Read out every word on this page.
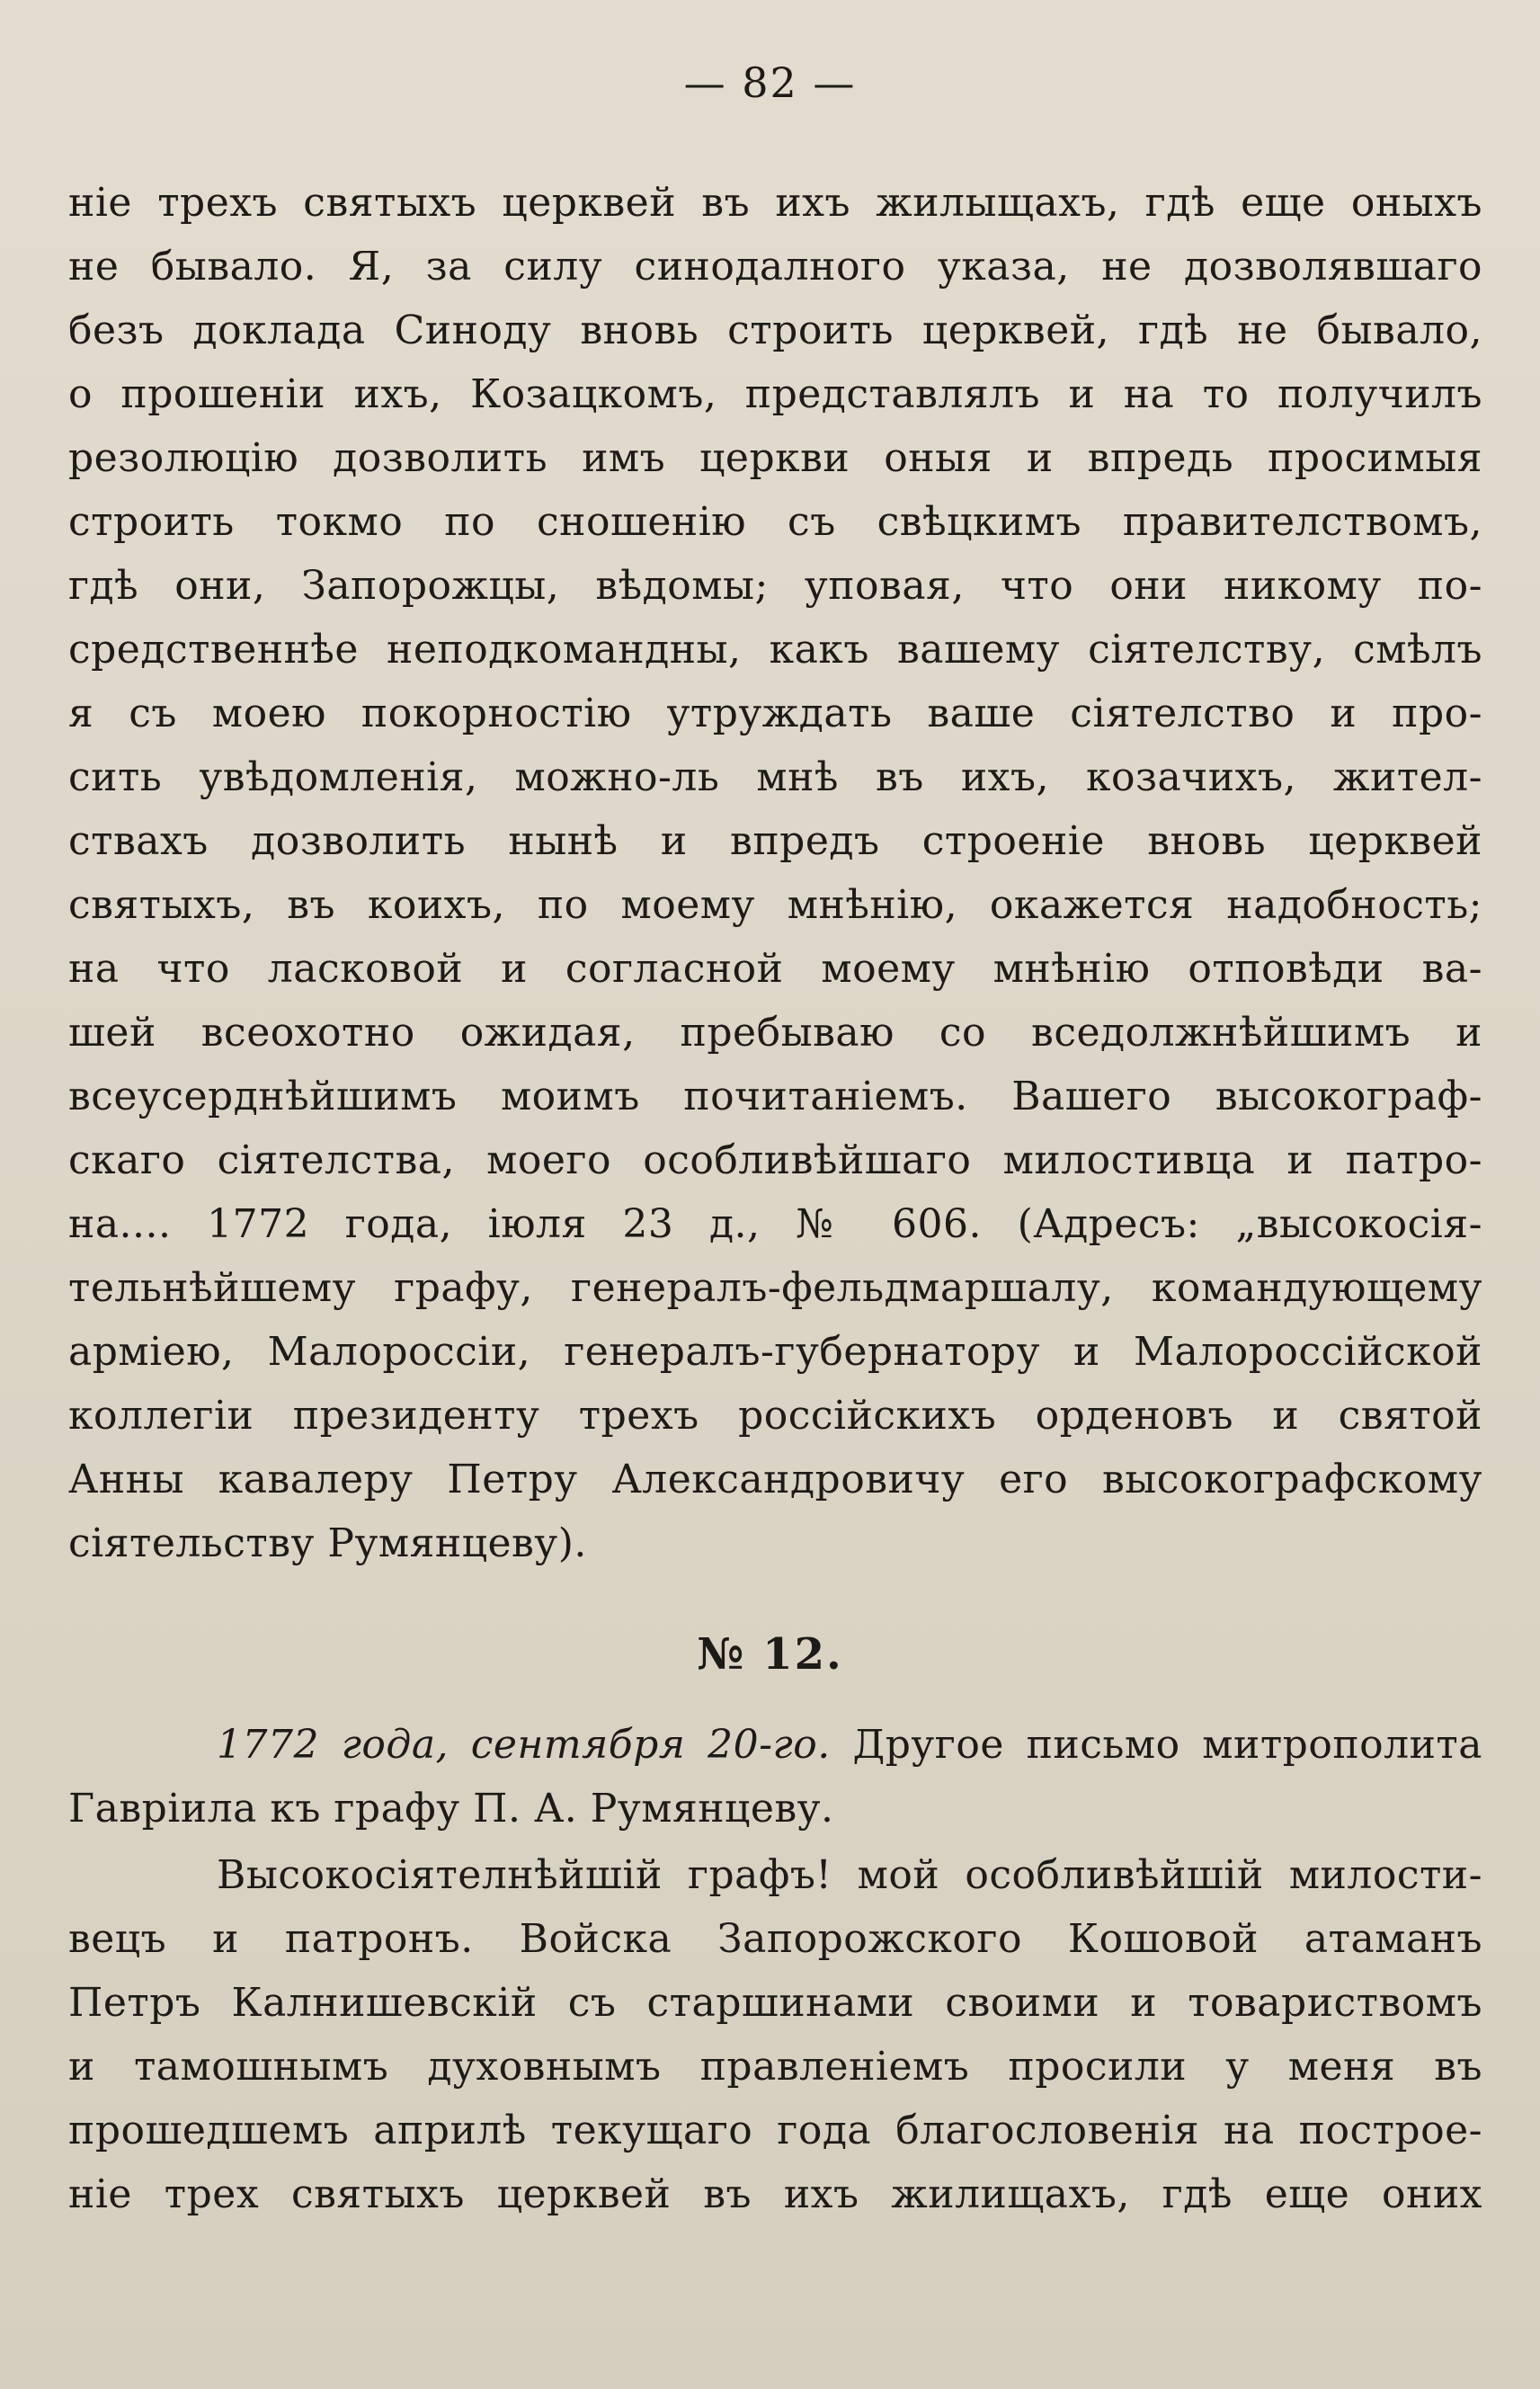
— 82 —
ніе трехъ святыхъ церквей въ ихъ жилыщахъ, гдѣ еще оныхъ
не бывало. Я, за силу синодалного указа, не дозволявшаго
безъ доклада Синоду вновь строить церквей, гдѣ не бывало,
о прошеніи ихъ, Козацкомъ, представлялъ и на то получилъ
резолюцію дозволить имъ церкви оныя и впредь просимыя
строить токмо по сношенію съ свѣцкимъ правителствомъ,
гдѣ они, Запорожцы, вѣдомы; уповая, что они никому по-
средственнѣе неподкомандны, какъ вашему сіятелству, смѣлъ
я съ моею покорностію утруждать ваше сіятелство и про-
сить увѣдомленія, можно-ль мнѣ въ ихъ, козачихъ, жител-
ствахъ дозволить нынѣ и впредъ строеніе вновь церквей
святыхъ, въ коихъ, по моему мнѣнію, окажется надобность;
на что ласковой и согласной моему мнѣнію отповѣди ва-
шей всеохотно ожидая, пребываю со вседолжнѣйшимъ и
всеусерднѣйшимъ моимъ почитаніемъ. Вашего высокограф-
скаго сіятелства, моего особливѣйшаго милостивца и патро-
на.... 1772 года, іюля 23 д., № 606. (Адресъ: „высокосія-
тельнѣйшему графу, генералъ-фельдмаршалу, командующему
арміею, Малороссіи, генералъ-губернатору и Малороссійской
коллегіи президенту трехъ россійскихъ орденовъ и святой
Анны кавалеру Петру Александровичу его высокографскому
сіятельству Румянцеву).
№ 12.
1772 года, сентября 20-го. Другое письмо митрополита
Гавріила къ графу П. А. Румянцеву.
Высокосіятелнѣйшій графъ! мой особливѣйшій милости-
вецъ и патронъ. Войска Запорожского Кошовой атаманъ
Петръ Калнишевскій съ старшинами своими и товариствомъ
и тамошнымъ духовнымъ правленіемъ просили у меня въ
прошедшемъ априлѣ текущаго года благословенія на построе-
ніе трех святыхъ церквей въ ихъ жилищахъ, гдѣ еще оних
